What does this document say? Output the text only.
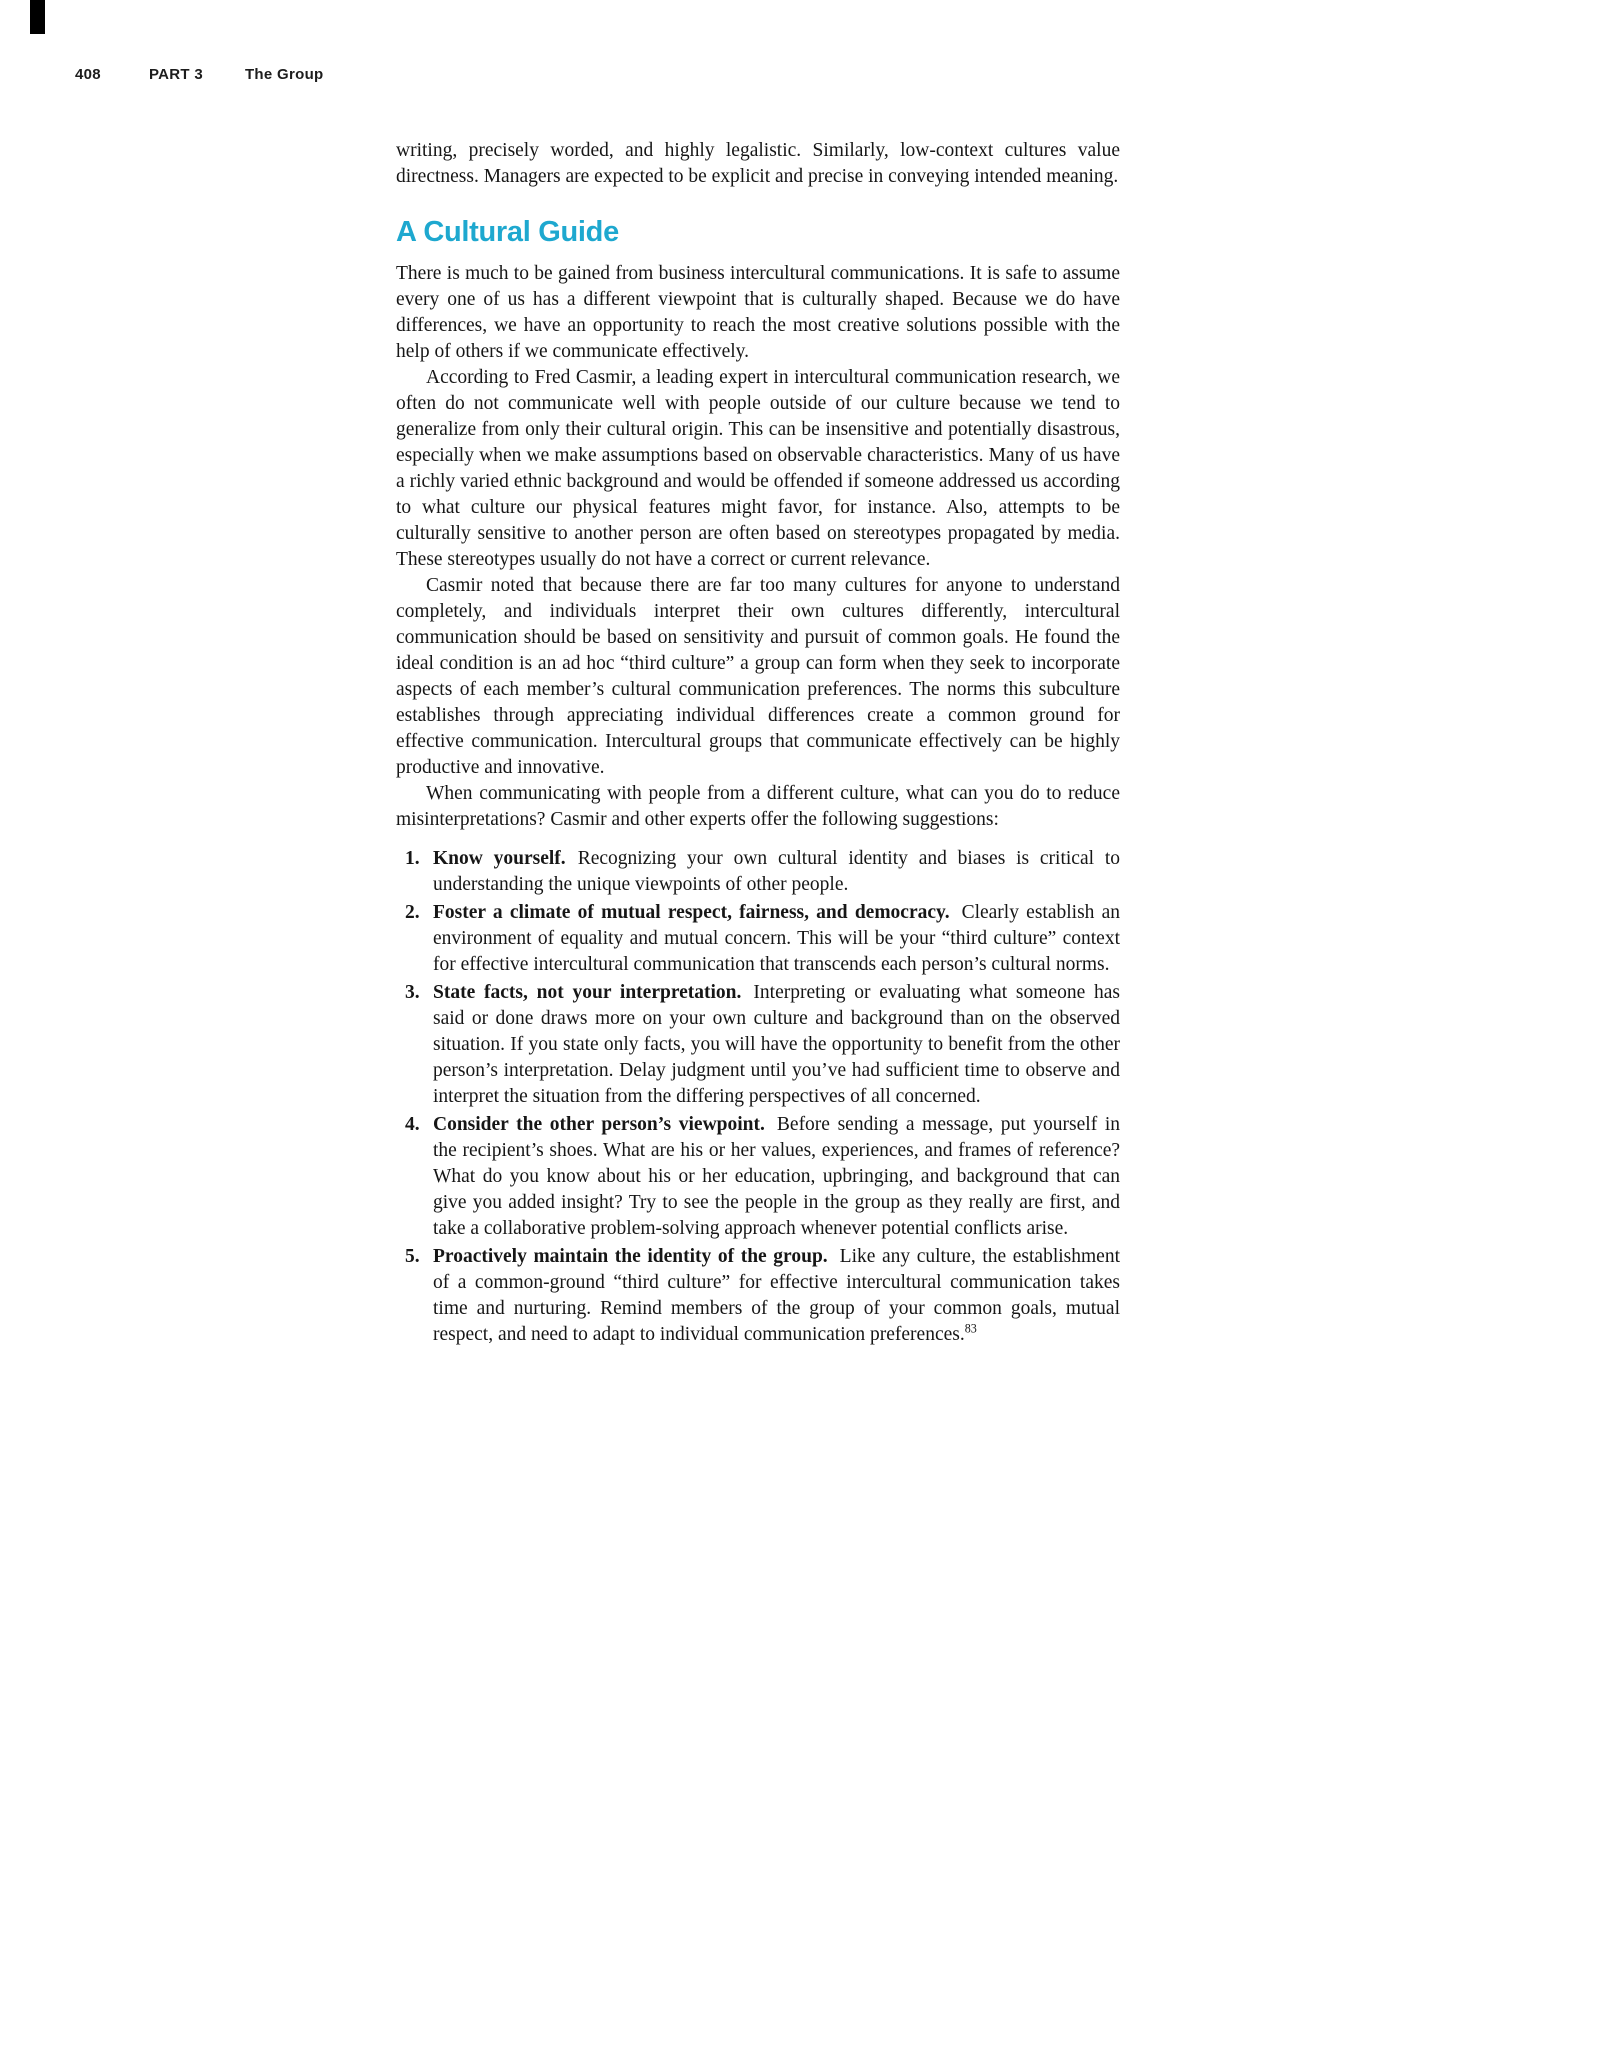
408	PART 3	The Group

writing, precisely worded, and highly legalistic. Similarly, low-context cultures value directness. Managers are expected to be explicit and precise in conveying intended meaning.

A Cultural Guide

There is much to be gained from business intercultural communications. It is safe to assume every one of us has a different viewpoint that is culturally shaped. Because we do have differences, we have an opportunity to reach the most creative solutions possible with the help of others if we communicate effectively.

According to Fred Casmir, a leading expert in intercultural communication research, we often do not communicate well with people outside of our culture because we tend to generalize from only their cultural origin. This can be insensitive and potentially disastrous, especially when we make assumptions based on observable characteristics. Many of us have a richly varied ethnic background and would be offended if someone addressed us according to what culture our physical features might favor, for instance. Also, attempts to be culturally sensitive to another person are often based on stereotypes propagated by media. These stereotypes usually do not have a correct or current relevance.

Casmir noted that because there are far too many cultures for anyone to understand completely, and individuals interpret their own cultures differently, intercultural communication should be based on sensitivity and pursuit of common goals. He found the ideal condition is an ad hoc “third culture” a group can form when they seek to incorporate aspects of each member’s cultural communication preferences. The norms this subculture establishes through appreciating individual differences create a common ground for effective communication. Intercultural groups that communicate effectively can be highly productive and innovative.

When communicating with people from a different culture, what can you do to reduce misinterpretations? Casmir and other experts offer the following suggestions:

1. Know yourself. Recognizing your own cultural identity and biases is critical to understanding the unique viewpoints of other people.
2. Foster a climate of mutual respect, fairness, and democracy. Clearly establish an environment of equality and mutual concern. This will be your “third culture” context for effective intercultural communication that transcends each person’s cultural norms.
3. State facts, not your interpretation. Interpreting or evaluating what someone has said or done draws more on your own culture and background than on the observed situation. If you state only facts, you will have the opportunity to benefit from the other person’s interpretation. Delay judgment until you’ve had sufficient time to observe and interpret the situation from the differing perspectives of all concerned.
4. Consider the other person’s viewpoint. Before sending a message, put yourself in the recipient’s shoes. What are his or her values, experiences, and frames of reference? What do you know about his or her education, upbringing, and background that can give you added insight? Try to see the people in the group as they really are first, and take a collaborative problem-solving approach whenever potential conflicts arise.
5. Proactively maintain the identity of the group. Like any culture, the establishment of a common-ground “third culture” for effective intercultural communication takes time and nurturing. Remind members of the group of your common goals, mutual respect, and need to adapt to individual communication preferences.$^{83}$
